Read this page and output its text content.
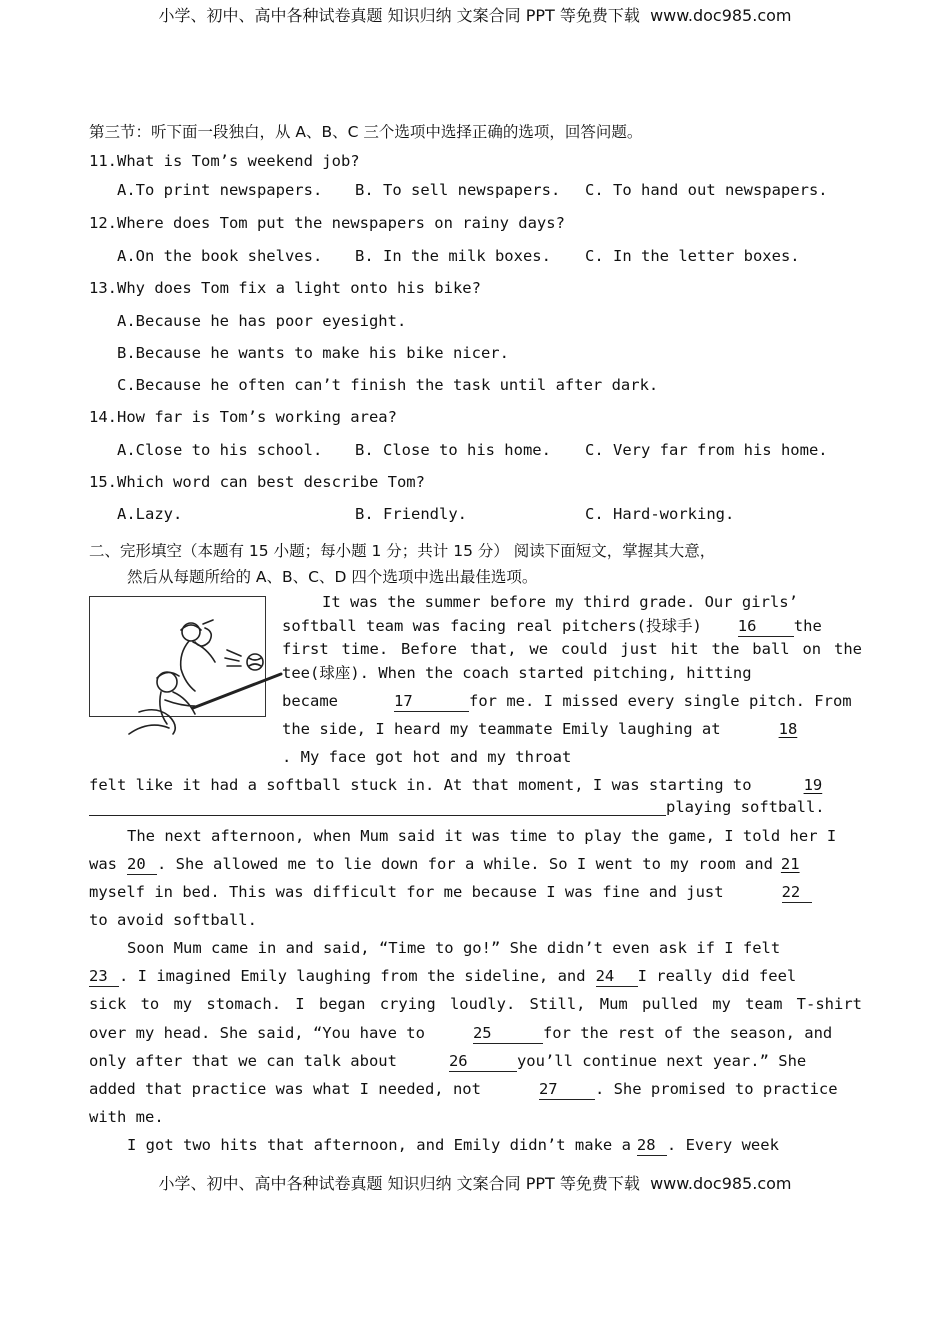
小学、初中、高中各种试卷真题 知识归纳 文案合同 PPT 等免费下载  www.doc985.com
第三节：听下面一段独白，从 A、B、C 三个选项中选择正确的选项，回答问题。
11.What is Tom’s weekend job?
A.To print newspapers. B. To sell newspapers. C. To hand out newspapers.
12.Where does Tom put the newspapers on rainy days?
A.On the book shelves. B. In the milk boxes. C. In the letter boxes.
13.Why does Tom fix a light onto his bike?
A.Because he has poor eyesight.
B.Because he wants to make his bike nicer.
C.Because he often can’t finish the task until after dark.
14.How far is Tom’s working area?
A.Close to his school. B. Close to his home. C. Very far from his home.
15.Which word can best describe Tom?
A.Lazy.	B. Friendly.	C. Hard-working.
二、完形填空（本题有 15 小题；每小题 1 分；共计 15 分） 阅读下面短文，掌握其大意，
然后从每题所给的 A、B、C、D 四个选项中选出最佳选项。

It was the summer before my third grade. Our girls’
softball team was facing real pitchers(投球手) 16 the
first time. Before that, we could just hit the ball on the
tee(球座). When the coach started pitching, hitting
became	17	for me. I missed every single pitch. From
the side, I heard my teammate Emily laughing at	18
. My face got hot and my throat
felt like it had a softball stuck in. At that moment, I was starting to	19
playing softball.
The next afternoon, when Mum said it was time to play the game, I told her I
was 20 . She allowed me to lie down for a while. So I went to my room and 21
myself in bed. This was difficult for me because I was fine and just	22
to avoid softball.
Soon Mum came in and said, “Time to go!” She didn’t even ask if I felt
23 . I imagined Emily laughing from the sideline, and 24 I really did feel
sick to my stomach. I began crying loudly. Still, Mum pulled my team T-shirt
over my head. She said, “You have to	25	for the rest of the season, and
only after that we can talk about	26	you’ll continue next year.” She
added that practice was what I needed, not	27 . She promised to practice
with me.
I got two hits that afternoon, and Emily didn’t make a 28 . Every week
小学、初中、高中各种试卷真题 知识归纳 文案合同 PPT 等免费下载  www.doc985.com
